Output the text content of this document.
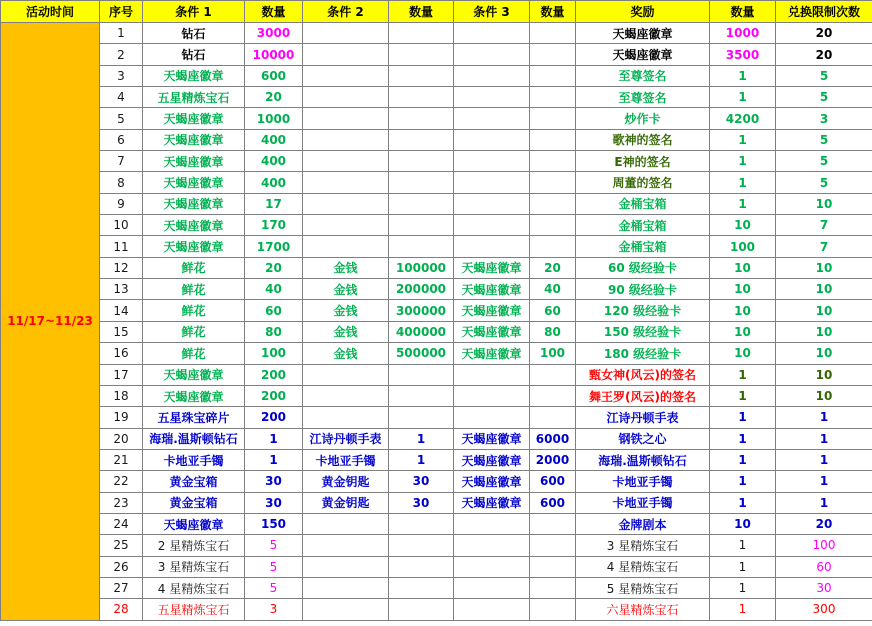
活动时间	序号	条件 1	数量	条件 2	数量	条件 3	数量	奖励	数量	兑换限制次数
11/17~11/23	1	钻石	3000					天蝎座徽章	1000	20
	2	钻石	10000					天蝎座徽章	3500	20
	3	天蝎座徽章	600					至尊签名	1	5
	4	五星精炼宝石	20					至尊签名	1	5
	5	天蝎座徽章	1000					炒作卡	4200	3
	6	天蝎座徽章	400					歌神的签名	1	5
	7	天蝎座徽章	400					E神的签名	1	5
	8	天蝎座徽章	400					周董的签名	1	5
	9	天蝎座徽章	17					金桶宝箱	1	10
	10	天蝎座徽章	170					金桶宝箱	10	7
	11	天蝎座徽章	1700					金桶宝箱	100	7
	12	鲜花	20	金钱	100000	天蝎座徽章	20	60 级经验卡	10	10
	13	鲜花	40	金钱	200000	天蝎座徽章	40	90 级经验卡	10	10
	14	鲜花	60	金钱	300000	天蝎座徽章	60	120 级经验卡	10	10
	15	鲜花	80	金钱	400000	天蝎座徽章	80	150 级经验卡	10	10
	16	鲜花	100	金钱	500000	天蝎座徽章	100	180 级经验卡	10	10
	17	天蝎座徽章	200					甄女神(风云)的签名	1	10
	18	天蝎座徽章	200					舞王罗(风云)的签名	1	10
	19	五星珠宝碎片	200					江诗丹顿手表	1	1
	20	海瑞.温斯顿钻石	1	江诗丹顿手表	1	天蝎座徽章	6000	钢铁之心	1	1
	21	卡地亚手镯	1	卡地亚手镯	1	天蝎座徽章	2000	海瑞.温斯顿钻石	1	1
	22	黄金宝箱	30	黄金钥匙	30	天蝎座徽章	600	卡地亚手镯	1	1
	23	黄金宝箱	30	黄金钥匙	30	天蝎座徽章	600	卡地亚手镯	1	1
	24	天蝎座徽章	150					金牌剧本	10	20
	25	2 星精炼宝石	5					3 星精炼宝石	1	100
	26	3 星精炼宝石	5					4 星精炼宝石	1	60
	27	4 星精炼宝石	5					5 星精炼宝石	1	30
	28	五星精炼宝石	3					六星精炼宝石	1	300
